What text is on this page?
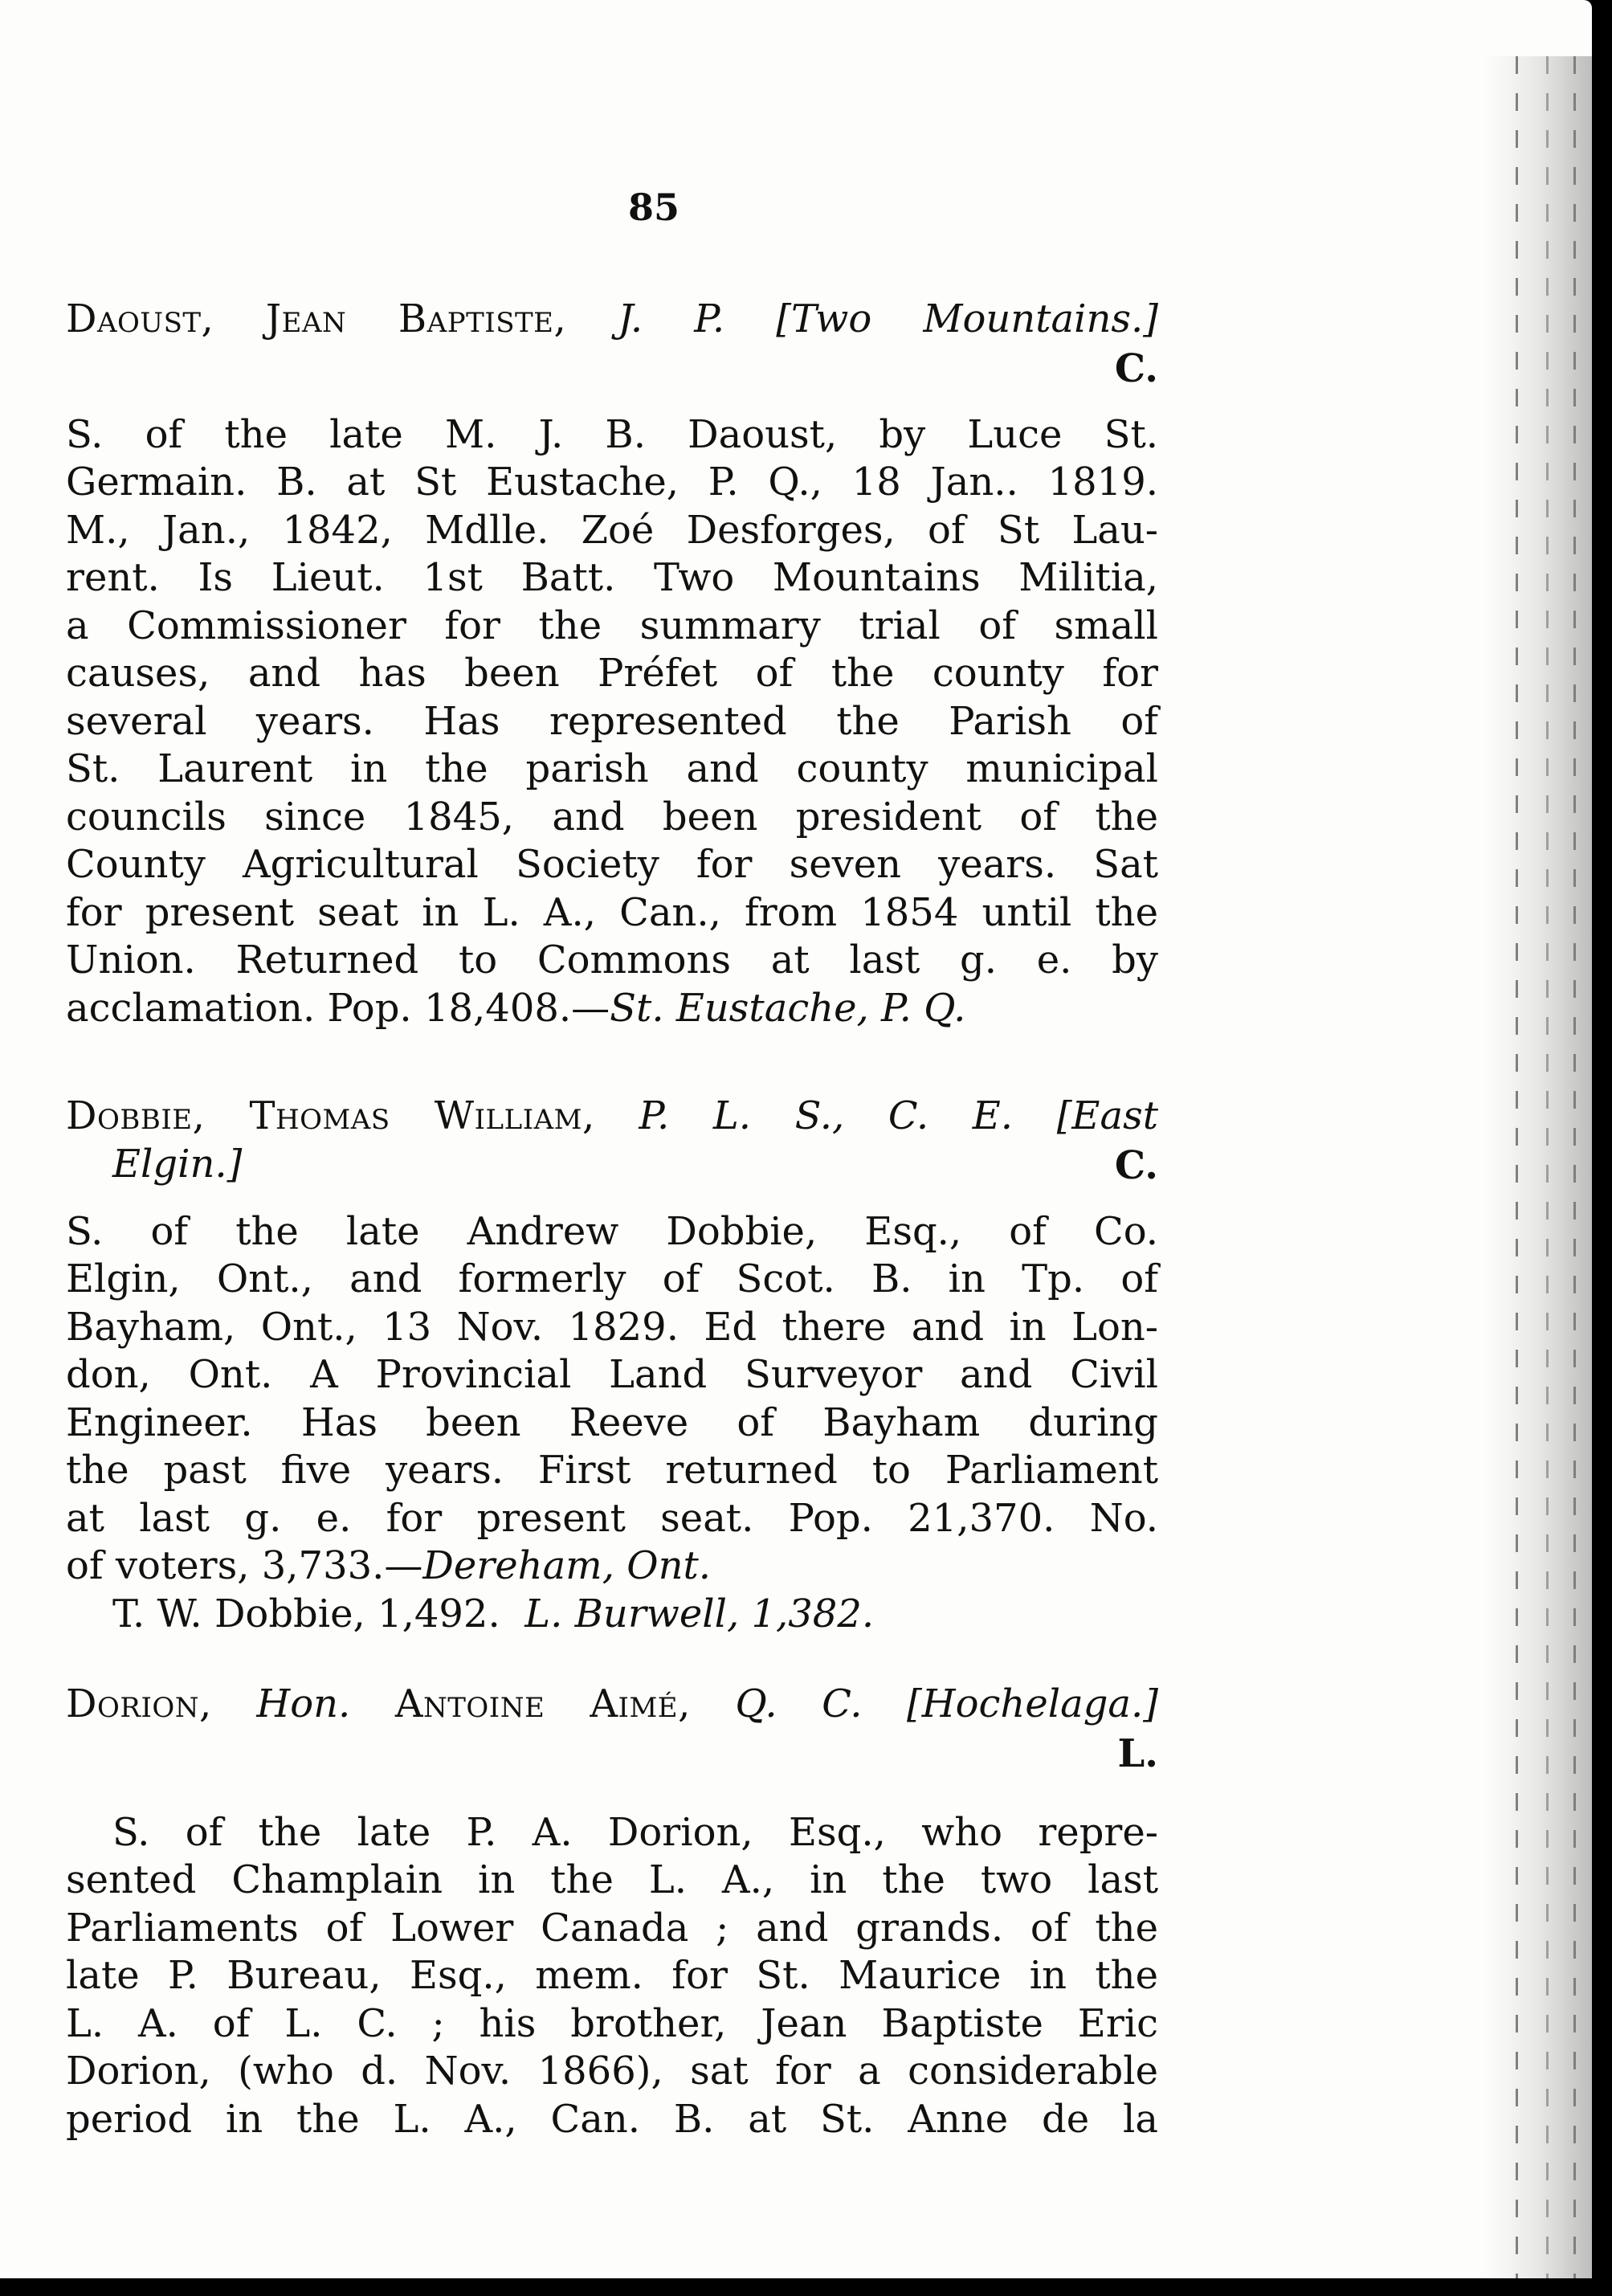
85
Daoust, Jean Baptiste, J. P. [Two Mountains.]
C.
S. of the late M. J. B. Daoust, by Luce St.
Germain. B. at St Eustache, P. Q., 18 Jan.. 1819.
M., Jan., 1842, Mdlle. Zoé Desforges, of St Lau-
rent. Is Lieut. 1st Batt. Two Mountains Militia,
a Commissioner for the summary trial of small
causes, and has been Préfet of the county for
several years. Has represented the Parish of
St. Laurent in the parish and county municipal
councils since 1845, and been president of the
County Agricultural Society for seven years. Sat
for present seat in L. A., Can., from 1854 until the
Union. Returned to Commons at last g. e. by
acclamation. Pop. 18,408.—St. Eustache, P. Q.
Dobbie, Thomas William, P. L. S., C. E. [East
Elgin.]	C.
S. of the late Andrew Dobbie, Esq., of Co.
Elgin, Ont., and formerly of Scot. B. in Tp. of
Bayham, Ont., 13 Nov. 1829. Ed there and in Lon-
don, Ont. A Provincial Land Surveyor and Civil
Engineer. Has been Reeve of Bayham during
the past five years. First returned to Parliament
at last g. e. for present seat. Pop. 21,370. No.
of voters, 3,733.—Dereham, Ont.
T. W. Dobbie, 1,492. L. Burwell, 1,382.
Dorion, Hon. Antoine Aimé, Q. C. [Hochelaga.]
L.
S. of the late P. A. Dorion, Esq., who repre-
sented Champlain in the L. A., in the two last
Parliaments of Lower Canada ; and grands. of the
late P. Bureau, Esq., mem. for St. Maurice in the
L. A. of L. C. ; his brother, Jean Baptiste Eric
Dorion, (who d. Nov. 1866), sat for a considerable
period in the L. A., Can. B. at St. Anne de la
